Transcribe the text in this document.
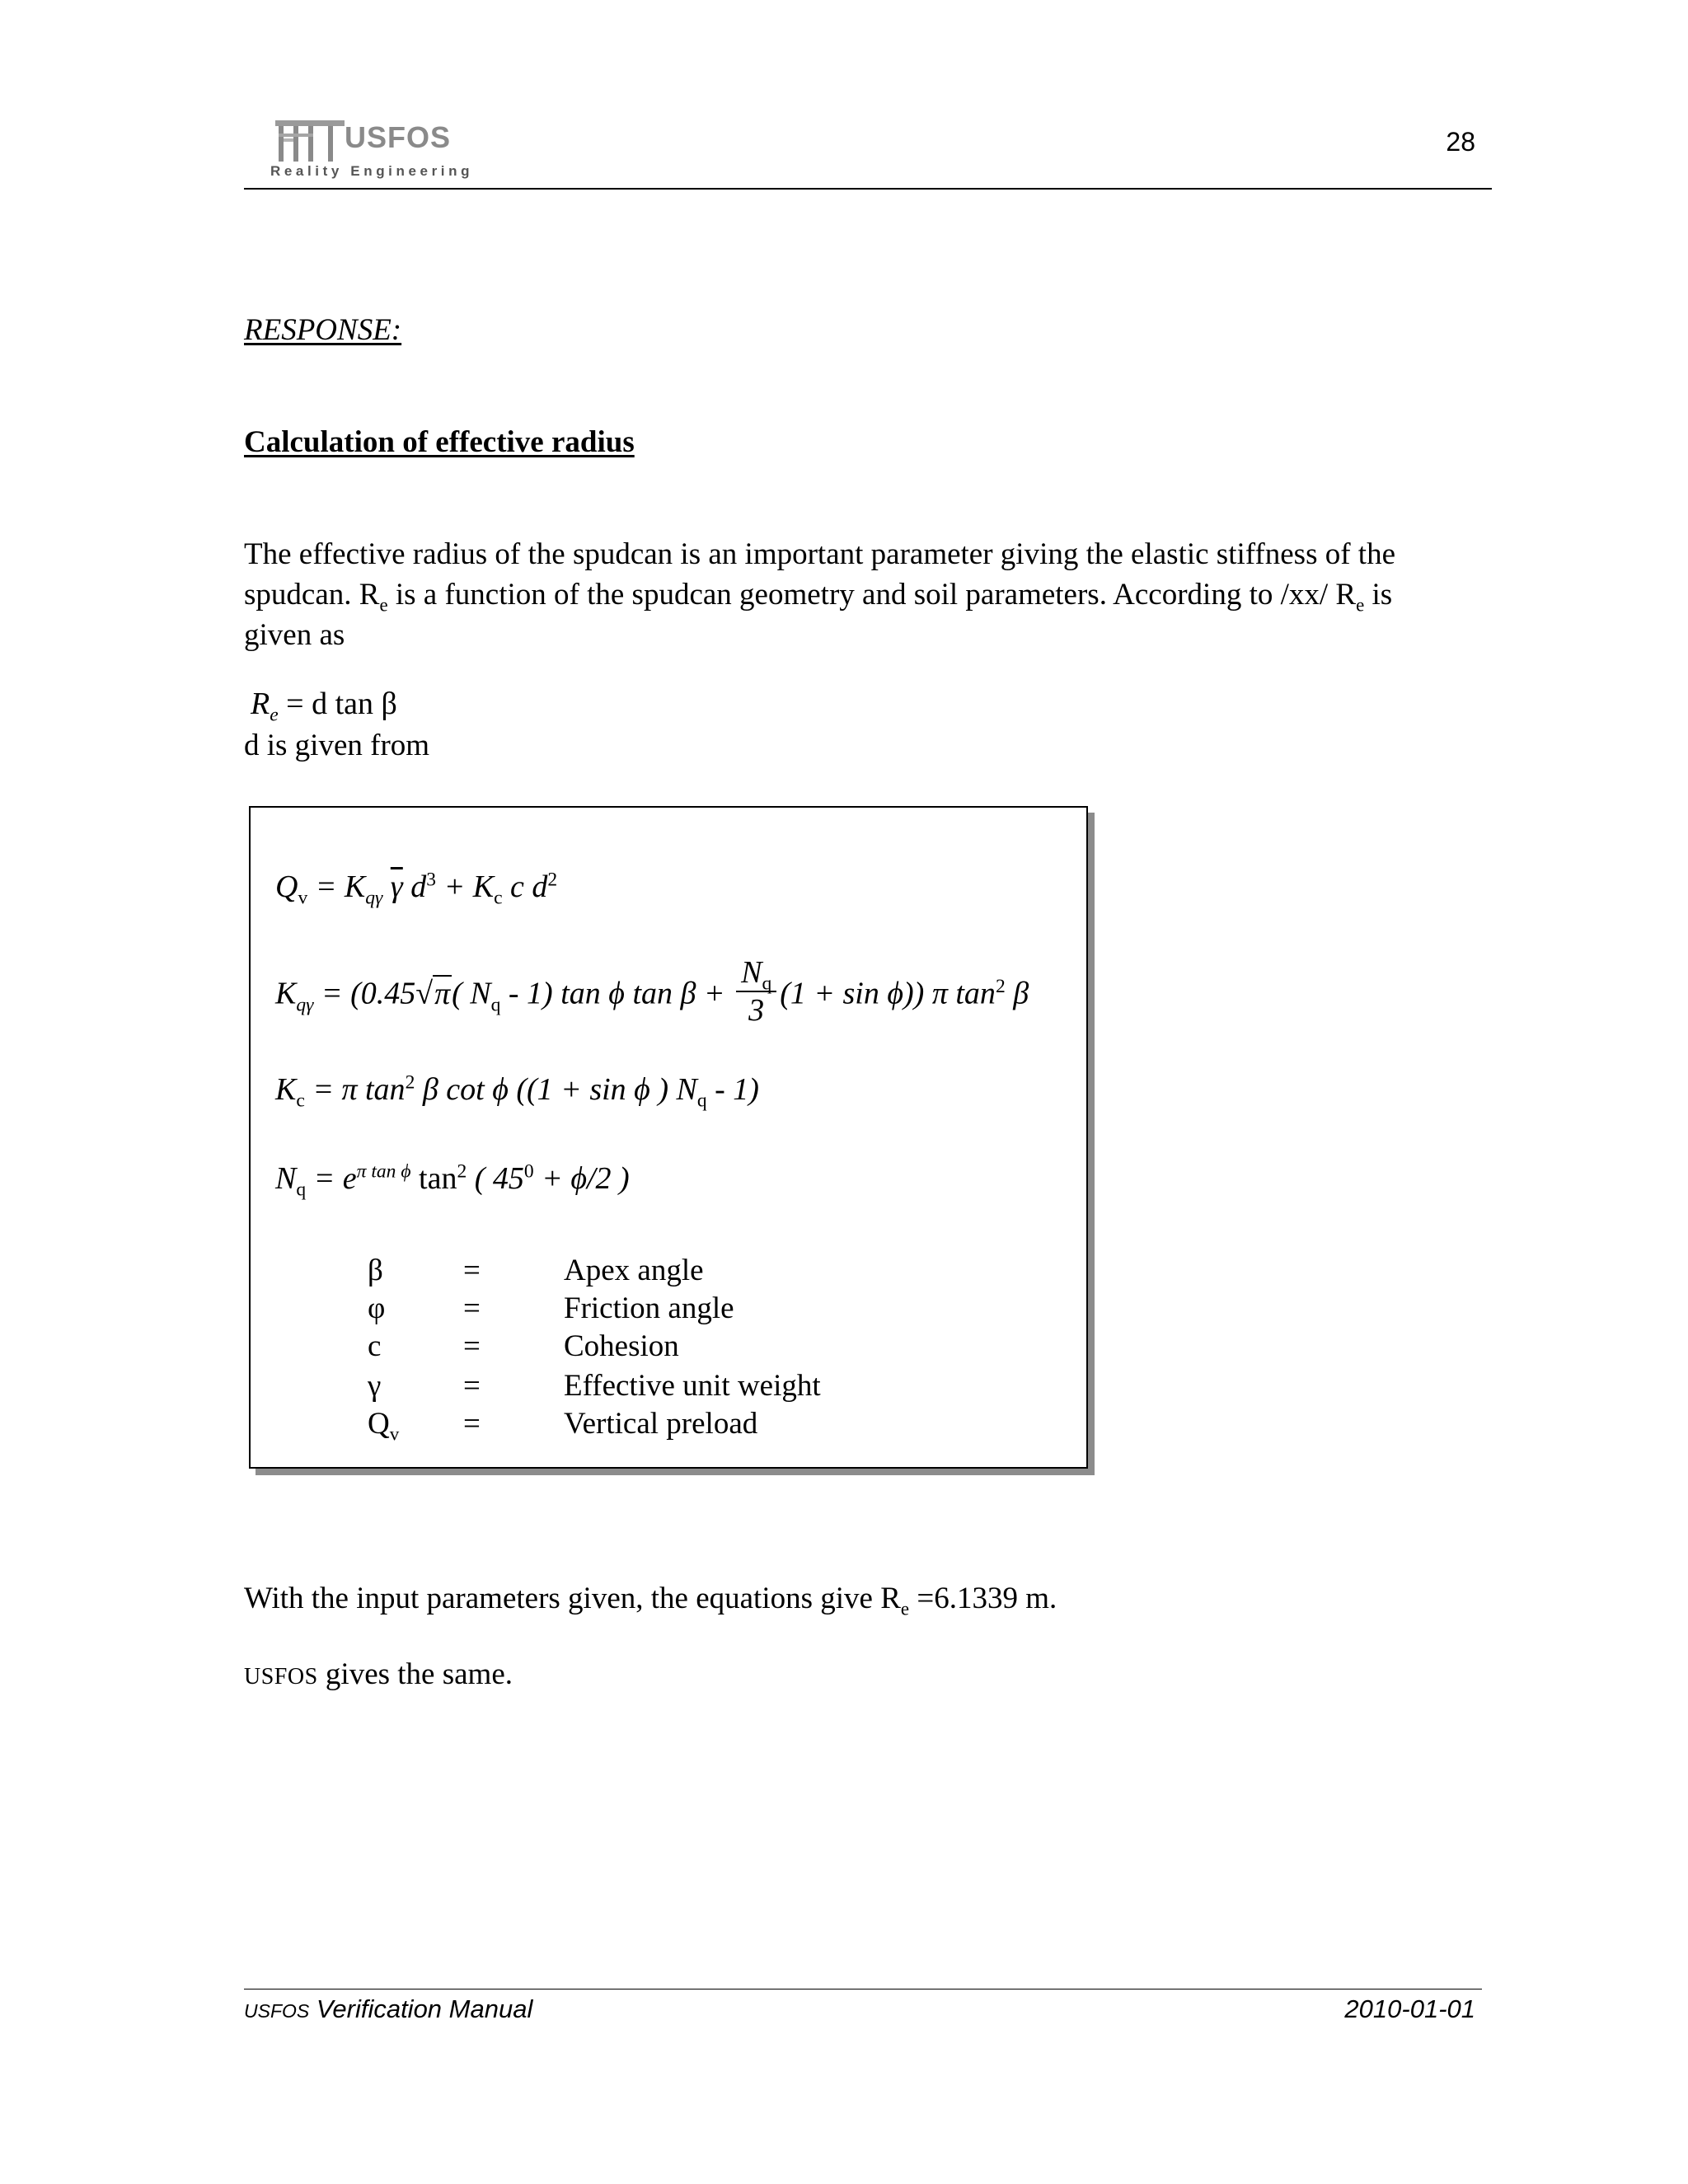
USFOS
Reality Engineering
28
RESPONSE:
Calculation of effective radius
The effective radius of the spudcan is an important parameter giving the elastic stiffness of the spudcan. $R_e$ is a function of the spudcan geometry and soil parameters. According to /xx/ $R_e$ is given as
$R_e = d$ tan β
d is given from
$Q_v = K_{q\gamma}$ $\overline{\gamma}$ $d^3 + K_c$ c $d^2$
$K_{q\gamma} = (0.45√\pi$( $N_q - 1$) tan ϕ $\tan \beta + \frac{N_q}{3} (1 + \sin \phi)$) π $\tan^2 \beta$
$K_c = \pi$ $\tan^2 \beta$ cot ϕ ((1 + sin ϕ ) $N_q - 1$)
$N_q = e^{\pi tan \phi}$ $\tan^2$ ( $45^0 + \phi/2$ )
β	=	Apex angle
φ	=	Friction angle
c	=	Cohesion
γ	=	Effective unit weight
$Q_v$ =	Vertical preload
With the input parameters given, the equations give $R_e =6.1339$ m.
USFOS gives the same.
USFOS Verification Manual	2010-01-01
